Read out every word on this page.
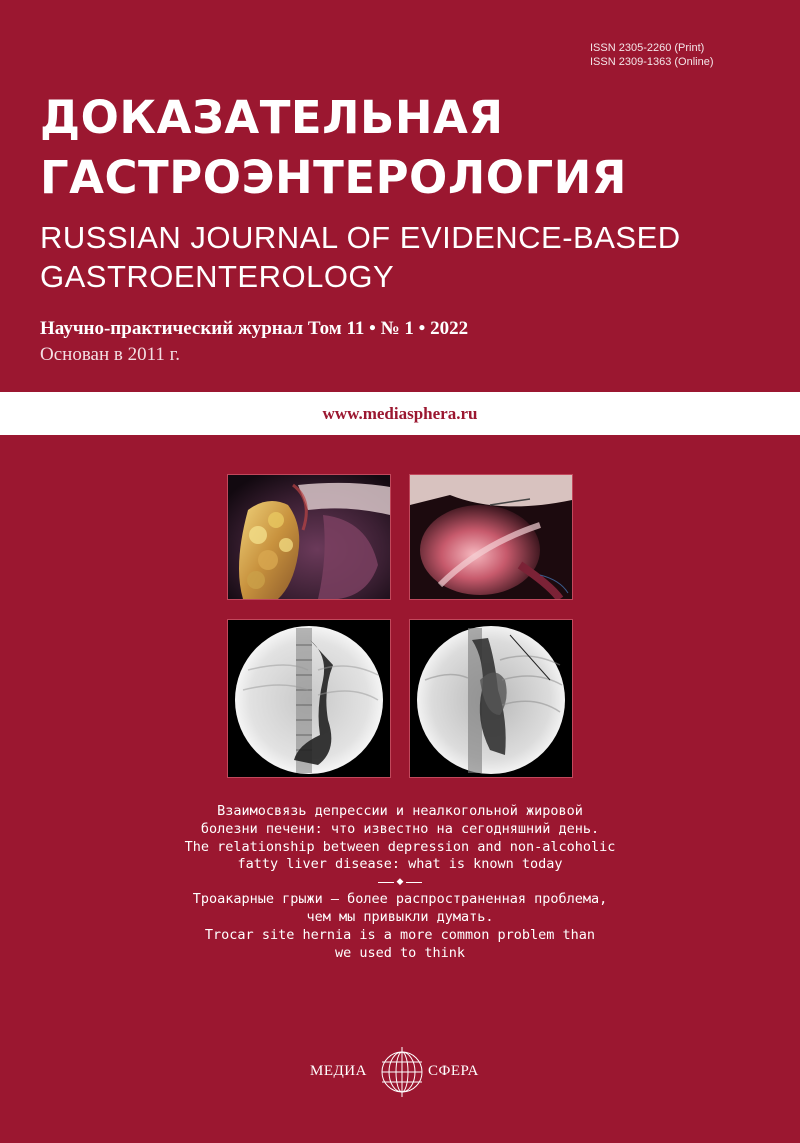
ISSN 2305-2260 (Print)
ISSN 2309-1363 (Online)
ДОКАЗАТЕЛЬНАЯ
ГАСТРОЭНТЕРОЛОГИЯ
RUSSIAN JOURNAL OF EVIDENCE-BASED
GASTROENTEROLOGY
Научно-практический журнал Том 11 • № 1 • 2022
Основан в 2011 г.
www.mediasphera.ru
Взаимосвязь депрессии и неалкогольной жировой
болезни печени: что известно на сегодняшний день.
The relationship between depression and non-alcoholic
fatty liver disease: what is known today
◆
Троакарные грыжи — более распространенная проблема,
чем мы привыкли думать.
Trocar site hernia is a more common problem than
we used to think
МЕДИА	СФЕРА
